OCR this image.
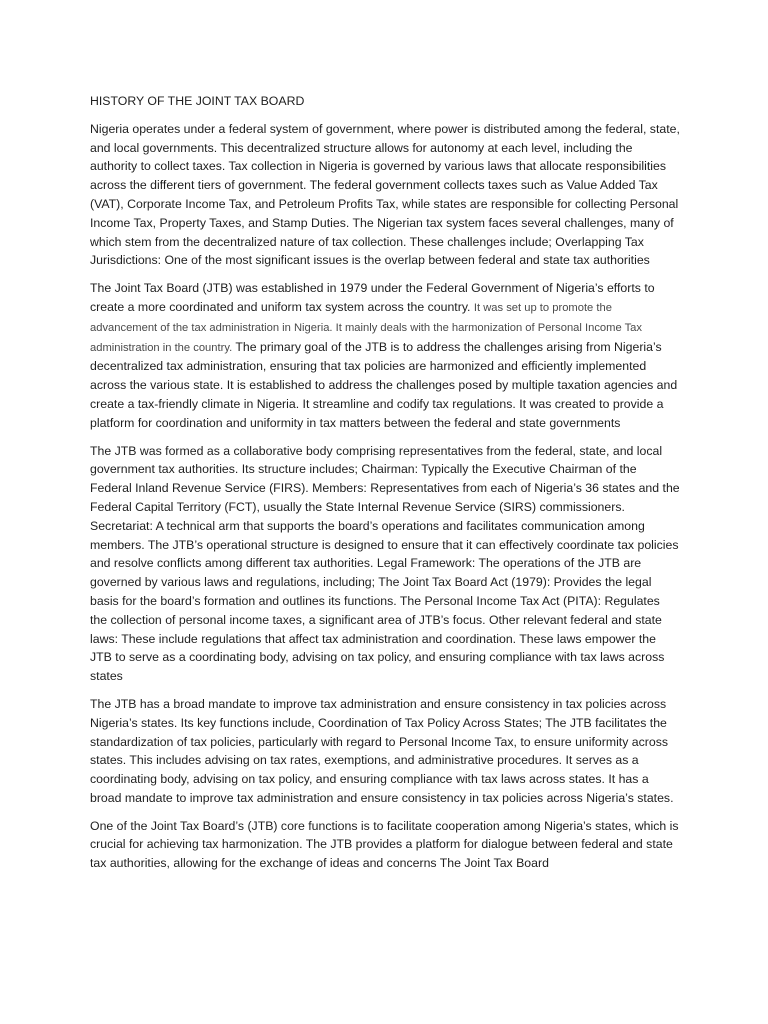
HISTORY OF THE JOINT TAX BOARD

Nigeria operates under a federal system of government, where power is distributed among the federal, state, and local governments. This decentralized structure allows for autonomy at each level, including the authority to collect taxes. Tax collection in Nigeria is governed by various laws that allocate responsibilities across the different tiers of government. The federal government collects taxes such as Value Added Tax (VAT), Corporate Income Tax, and Petroleum Profits Tax, while states are responsible for collecting Personal Income Tax, Property Taxes, and Stamp Duties. The Nigerian tax system faces several challenges, many of which stem from the decentralized nature of tax collection. These challenges include; Overlapping Tax Jurisdictions: One of the most significant issues is the overlap between federal and state tax authorities

The Joint Tax Board (JTB) was established in 1979 under the Federal Government of Nigeria’s efforts to create a more coordinated and uniform tax system across the country. It was set up to promote the advancement of the tax administration in Nigeria. It mainly deals with the harmonization of Personal Income Tax administration in the country. The primary goal of the JTB is to address the challenges arising from Nigeria’s decentralized tax administration, ensuring that tax policies are harmonized and efficiently implemented across the various state. It is established to address the challenges posed by multiple taxation agencies and create a tax-friendly climate in Nigeria. It streamline and codify tax regulations. It was created to provide a platform for coordination and uniformity in tax matters between the federal and state governments

The JTB was formed as a collaborative body comprising representatives from the federal, state, and local government tax authorities. Its structure includes; Chairman: Typically the Executive Chairman of the Federal Inland Revenue Service (FIRS). Members: Representatives from each of Nigeria’s 36 states and the Federal Capital Territory (FCT), usually the State Internal Revenue Service (SIRS) commissioners. Secretariat: A technical arm that supports the board’s operations and facilitates communication among members. The JTB’s operational structure is designed to ensure that it can effectively coordinate tax policies and resolve conflicts among different tax authorities. Legal Framework: The operations of the JTB are governed by various laws and regulations, including; The Joint Tax Board Act (1979): Provides the legal basis for the board’s formation and outlines its functions. The Personal Income Tax Act (PITA): Regulates the collection of personal income taxes, a significant area of JTB’s focus. Other relevant federal and state laws: These include regulations that affect tax administration and coordination. These laws empower the JTB to serve as a coordinating body, advising on tax policy, and ensuring compliance with tax laws across states

The JTB has a broad mandate to improve tax administration and ensure consistency in tax policies across Nigeria’s states. Its key functions include, Coordination of Tax Policy Across States; The JTB facilitates the standardization of tax policies, particularly with regard to Personal Income Tax, to ensure uniformity across states. This includes advising on tax rates, exemptions, and administrative procedures. It serves as a coordinating body, advising on tax policy, and ensuring compliance with tax laws across states. It has a broad mandate to improve tax administration and ensure consistency in tax policies across Nigeria’s states.

One of the Joint Tax Board’s (JTB) core functions is to facilitate cooperation among Nigeria’s states, which is crucial for achieving tax harmonization. The JTB provides a platform for dialogue between federal and state tax authorities, allowing for the exchange of ideas and concerns The Joint Tax Board
